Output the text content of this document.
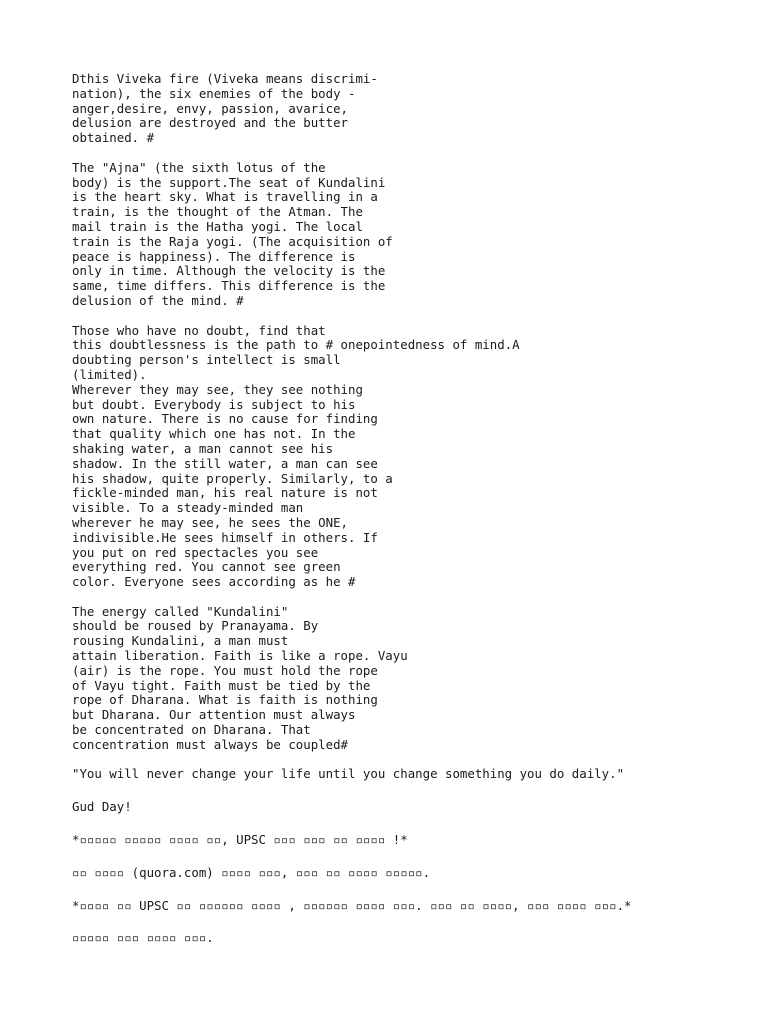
Dthis Viveka fire (Viveka means discrimi-
nation), the six enemies of the body -
anger,desire, envy, passion, avarice,
delusion are destroyed and the butter
obtained. #
The "Ajna" (the sixth lotus of the
body) is the support.The seat of Kundalini
is the heart sky. What is travelling in a
train, is the thought of the Atman. The
mail train is the Hatha yogi. The local
train is the Raja yogi. (The acquisition of
peace is happiness). The difference is
only in time. Although the velocity is the
same, time differs. This difference is the
delusion of the mind. #
Those who have no doubt, find that
this doubtlessness is the path to # onepointedness of mind.A
doubting person's intellect is small
(limited).
Wherever they may see, they see nothing
but doubt. Everybody is subject to his
own nature. There is no cause for finding
that quality which one has not. In the
shaking water, a man cannot see his
shadow. In the still water, a man can see
his shadow, quite properly. Similarly, to a
fickle-minded man, his real nature is not
visible. To a steady-minded man
wherever he may see, he sees the ONE,
indivisible.He sees himself in others. If
you put on red spectacles you see
everything red. You cannot see green
color. Everyone sees according as he #
The energy called "Kundalini"
should be roused by Pranayama. By
rousing Kundalini, a man must
attain liberation. Faith is like a rope. Vayu
(air) is the rope. You must hold the rope
of Vayu tight. Faith must be tied by the
rope of Dharana. What is faith is nothing
but Dharana. Our attention must always
be concentrated on Dharana. That
concentration must always be coupled#
"You will never change your life until you change something you do daily."
Gud Day!
*▫▫▫▫▫ ▫▫▫▫▫ ▫▫▫▫ ▫▫, UPSC ▫▫▫ ▫▫▫ ▫▫ ▫▫▫▫ !*
▫▫ ▫▫▫▫ (quora.com) ▫▫▫▫ ▫▫▫, ▫▫▫ ▫▫ ▫▫▫▫ ▫▫▫▫▫.
*▫▫▫▫ ▫▫ UPSC ▫▫ ▫▫▫▫▫▫ ▫▫▫▫ , ▫▫▫▫▫▫ ▫▫▫▫ ▫▫▫. ▫▫▫ ▫▫ ▫▫▫▫, ▫▫▫ ▫▫▫▫ ▫▫▫.*
▫▫▫▫▫ ▫▫▫ ▫▫▫▫ ▫▫▫.
